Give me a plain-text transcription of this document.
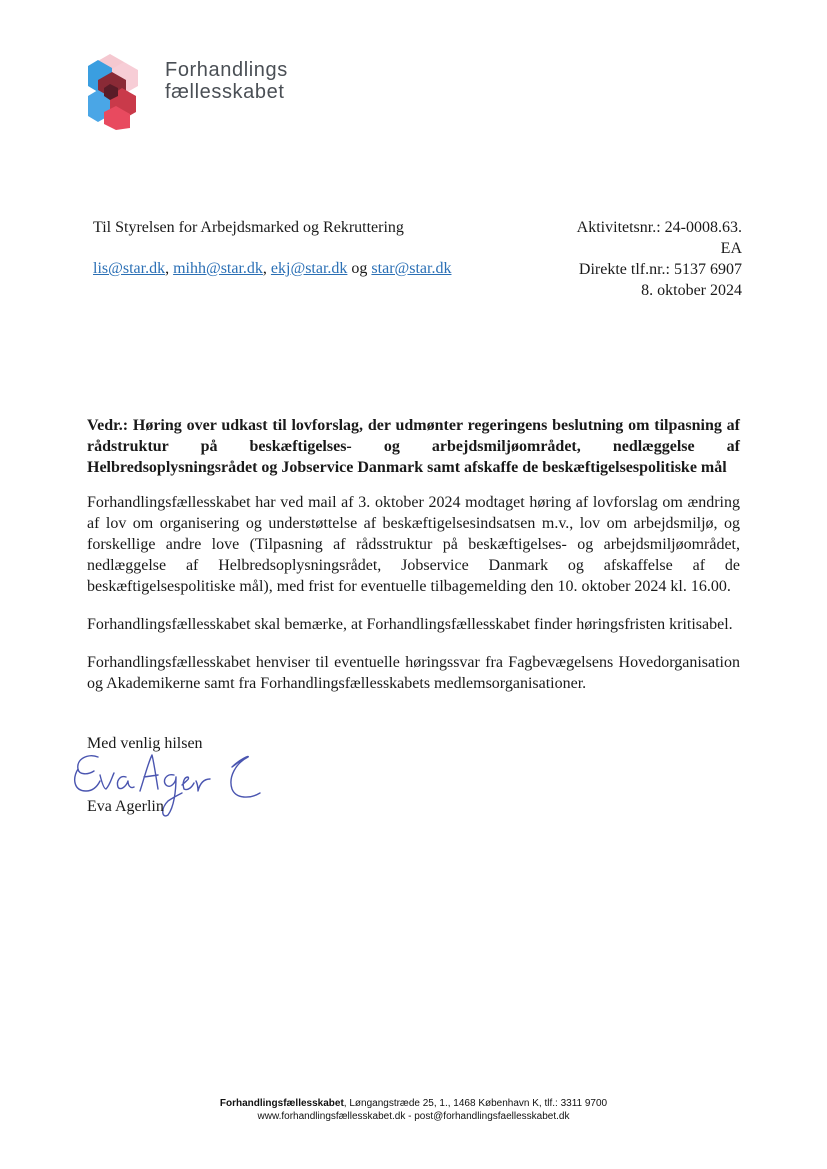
Forhandlings
fællesskabet
Til Styrelsen for Arbejdsmarked og Rekruttering
lis@star.dk, mihh@star.dk, ekj@star.dk og star@star.dk
Aktivitetsnr.: 24-0008.63.
EA
Direkte tlf.nr.: 5137 6907
8. oktober 2024
Vedr.: Høring over udkast til lovforslag, der udmønter regeringens beslutning om tilpasning af rådstruktur på beskæftigelses- og arbejdsmiljøområdet, nedlæggelse af Helbredsoplysningsrådet og Jobservice Danmark samt afskaffe de beskæftigelsespolitiske mål

Forhandlingsfællesskabet har ved mail af 3. oktober 2024 modtaget høring af lovforslag om ændring af lov om organisering og understøttelse af beskæftigelsesindsatsen m.v., lov om arbejdsmiljø, og forskellige andre love (Tilpasning af rådsstruktur på beskæftigelses- og arbejdsmiljøområdet, nedlæggelse af Helbredsoplysningsrådet, Jobservice Danmark og afskaffelse af de beskæftigelsespolitiske mål), med frist for eventuelle tilbagemelding den 10. oktober 2024 kl. 16.00.

Forhandlingsfællesskabet skal bemærke, at Forhandlingsfællesskabet finder høringsfristen kritisabel.

Forhandlingsfællesskabet henviser til eventuelle høringssvar fra Fagbevægelsens Hovedorganisation og Akademikerne samt fra Forhandlingsfællesskabets medlemsorganisationer.

Med venlig hilsen
Eva Agerlin
Forhandlingsfællesskabet, Løngangstræde 25, 1., 1468 København K, tlf.: 3311 9700
www.forhandlingsfællesskabet.dk - post@forhandlingsfaellesskabet.dk
